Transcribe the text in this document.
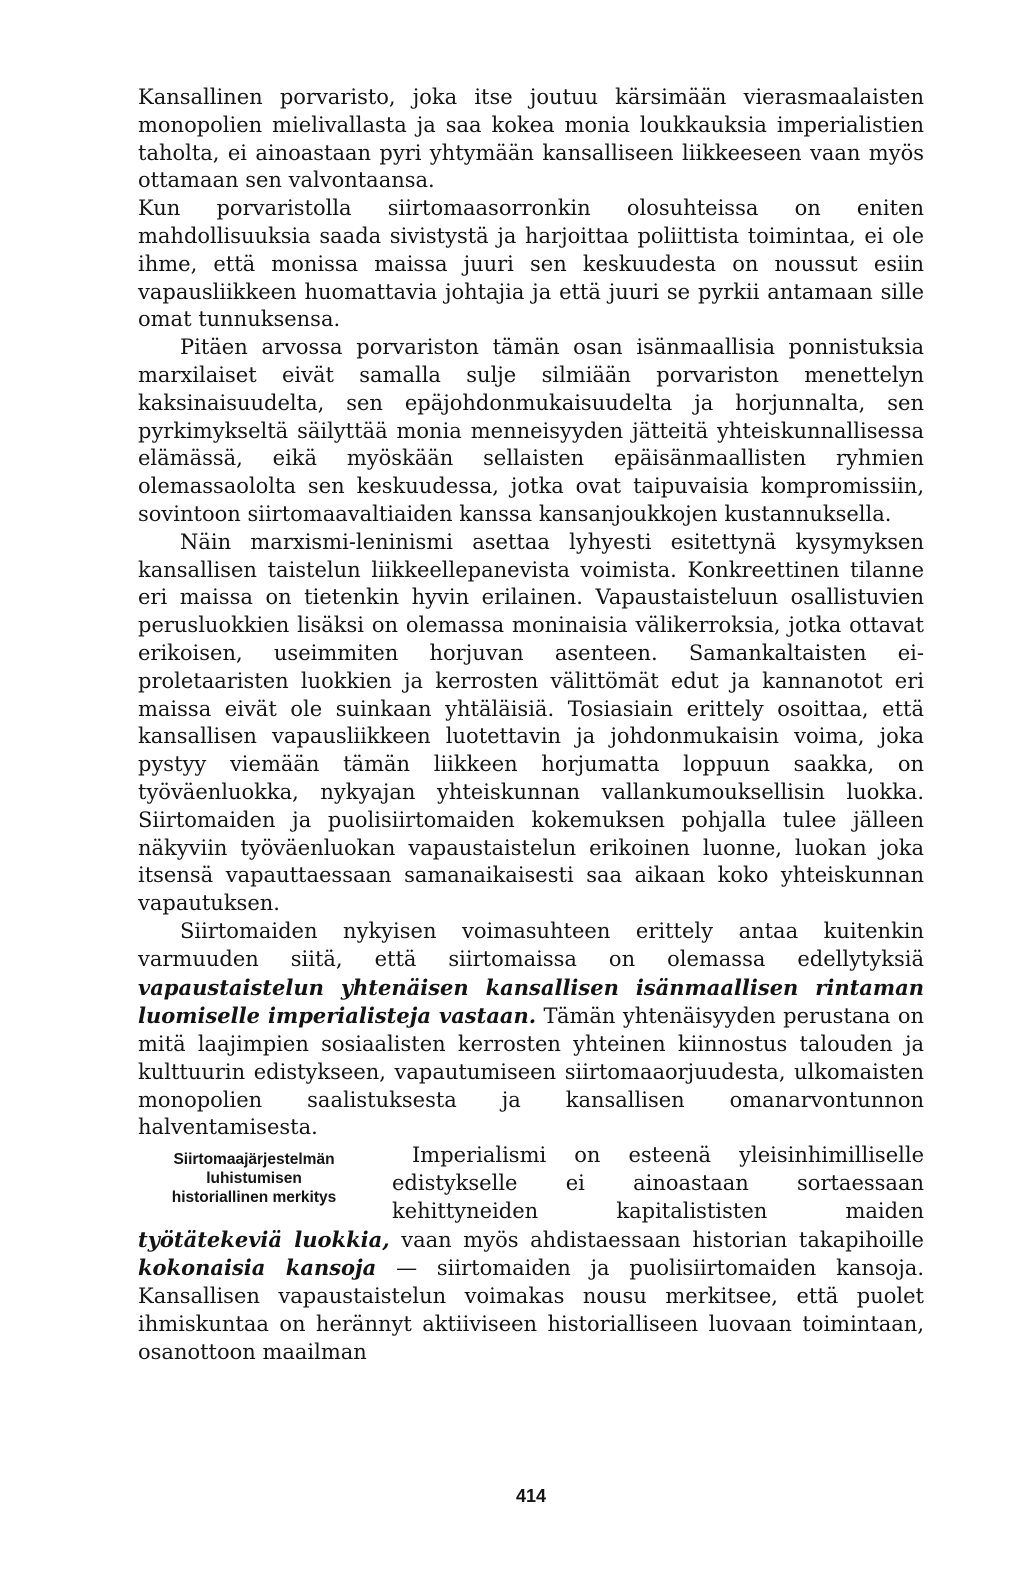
Kansallinen porvaristo, joka itse joutuu kärsimään vierasmaalaisten monopolien mielivallasta ja saa kokea monia loukkauksia imperialistien taholta, ei ainoastaan pyri yhtymään kansalliseen liikkeeseen vaan myös ottamaan sen valvontaansa.

Kun porvaristolla siirtomaasorronkin olosuhteissa on eniten mahdollisuuksia saada sivistystä ja harjoittaa poliittista toimintaa, ei ole ihme, että monissa maissa juuri sen keskuudesta on noussut esiin vapausliikkeen huomattavia johtajia ja että juuri se pyrkii antamaan sille omat tunnuksensa.

Pitäen arvossa porvariston tämän osan isänmaallisia ponnistuksia marxilaiset eivät samalla sulje silmiään porvariston menettelyn kaksinaisuudelta, sen epäjohdonmukaisuudelta ja horjunnalta, sen pyrkimykseltä säilyttää monia menneisyyden jätteitä yhteiskunnallisessa elämässä, eikä myöskään sellaisten epäisänmaallisten ryhmien olemassaololta sen keskuudessa, jotka ovat taipuvaisia kompromissiin, sovintoon siirtomaavaltiaiden kanssa kansanjoukkojen kustannuksella.

Näin marxismi-leninismi asettaa lyhyesti esitettynä kysymyksen kansallisen taistelun liikkeellepanevista voimista. Konkreettinen tilanne eri maissa on tietenkin hyvin erilainen. Vapaustaisteluun osallistuvien perusluokkien lisäksi on olemassa moninaisia välikerroksia, jotka ottavat erikoisen, useimmiten horjuvan asenteen. Samankaltaisten ei-proletaaristen luokkien ja kerrosten välittömät edut ja kannanotot eri maissa eivät ole suinkaan yhtäläisiä. Tosiasiain erittely osoittaa, että kansallisen vapausliikkeen luotettavin ja johdonmukaisin voima, joka pystyy viemään tämän liikkeen horjumatta loppuun saakka, on työväenluokka, nykyajan yhteiskunnan vallankumouksellisin luokka. Siirtomaiden ja puolisiirtomaiden kokemuksen pohjalla tulee jälleen näkyviin työväenluokan vapaustaistelun erikoinen luonne, luokan joka itsensä vapauttaessaan samanaikaisesti saa aikaan koko yhteiskunnan vapautuksen.

Siirtomaiden nykyisen voimasuhteen erittely antaa kuitenkin varmuuden siitä, että siirtomaissa on olemassa edellytyksiä vapaustaistelun yhtenäisen kansallisen isänmaallisen rintaman luomiselle imperialisteja vastaan. Tämän yhtenäisyyden perustana on mitä laajimpien sosiaalisten kerrosten yhteinen kiinnostus talouden ja kulttuurin edistykseen, vapautumiseen siirtomaaorjuudesta, ulkomaisten monopolien saalistuksesta ja kansallisen omanarvontunnon halventamisesta.

Siirtomaajärjestelmän
luhistumisen
historiallinen merkitys

Imperialismi on esteenä yleisinhimilliselle edistykselle ei ainoastaan sortaessaan kehittyneiden kapitalististen maiden työtätekeviä luokkia, vaan myös ahdistaessaan historian takapihoille kokonaisia kansoja — siirtomaiden ja puolisiirtomaiden kansoja. Kansallisen vapaustaistelun voimakas nousu merkitsee, että puolet ihmiskuntaa on herännyt aktiiviseen historialliseen luovaan toimintaan, osanottoon maailman

414
